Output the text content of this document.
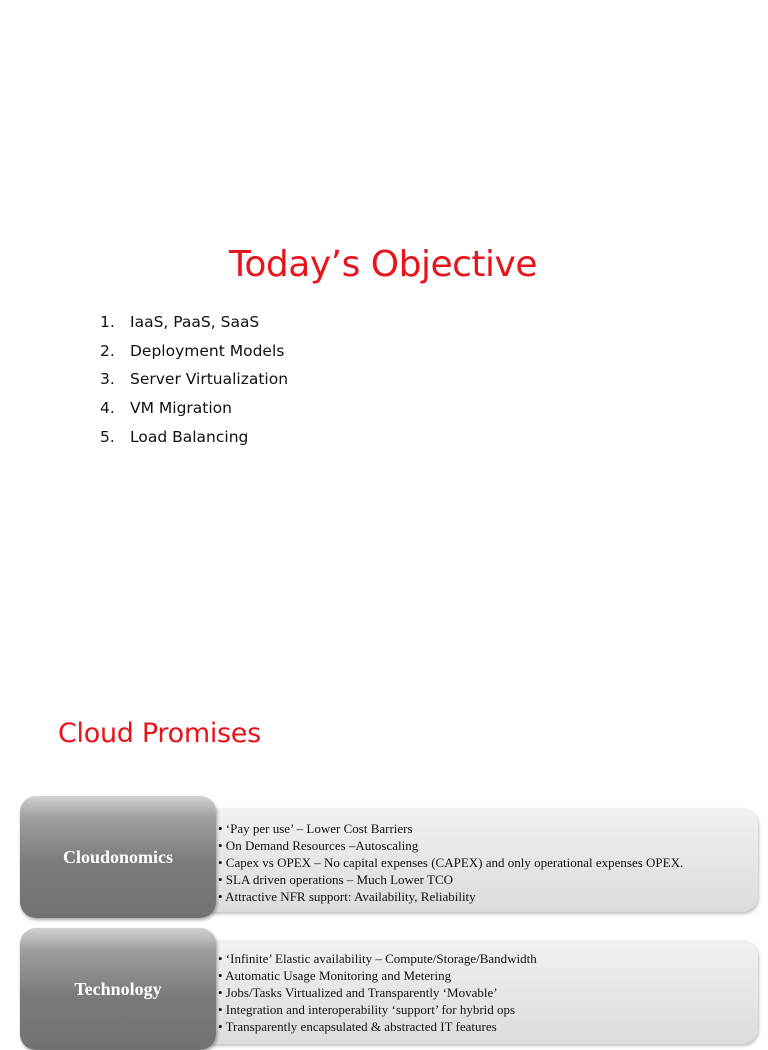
Today’s Objective
1. IaaS, PaaS, SaaS
2. Deployment Models
3. Server Virtualization
4. VM Migration
5. Load Balancing
Cloud Promises
Cloudonomics
• ‘Pay per use’ – Lower Cost Barriers
• On Demand Resources –Autoscaling
• Capex vs OPEX – No capital expenses (CAPEX) and only operational expenses OPEX.
• SLA driven operations – Much Lower TCO
• Attractive NFR support: Availability, Reliability
Technology
• ‘Infinite’ Elastic availability – Compute/Storage/Bandwidth
• Automatic Usage Monitoring and Metering
• Jobs/Tasks Virtualized and Transparently ‘Movable’
• Integration and interoperability ‘support’ for hybrid ops
• Transparently encapsulated & abstracted IT features
